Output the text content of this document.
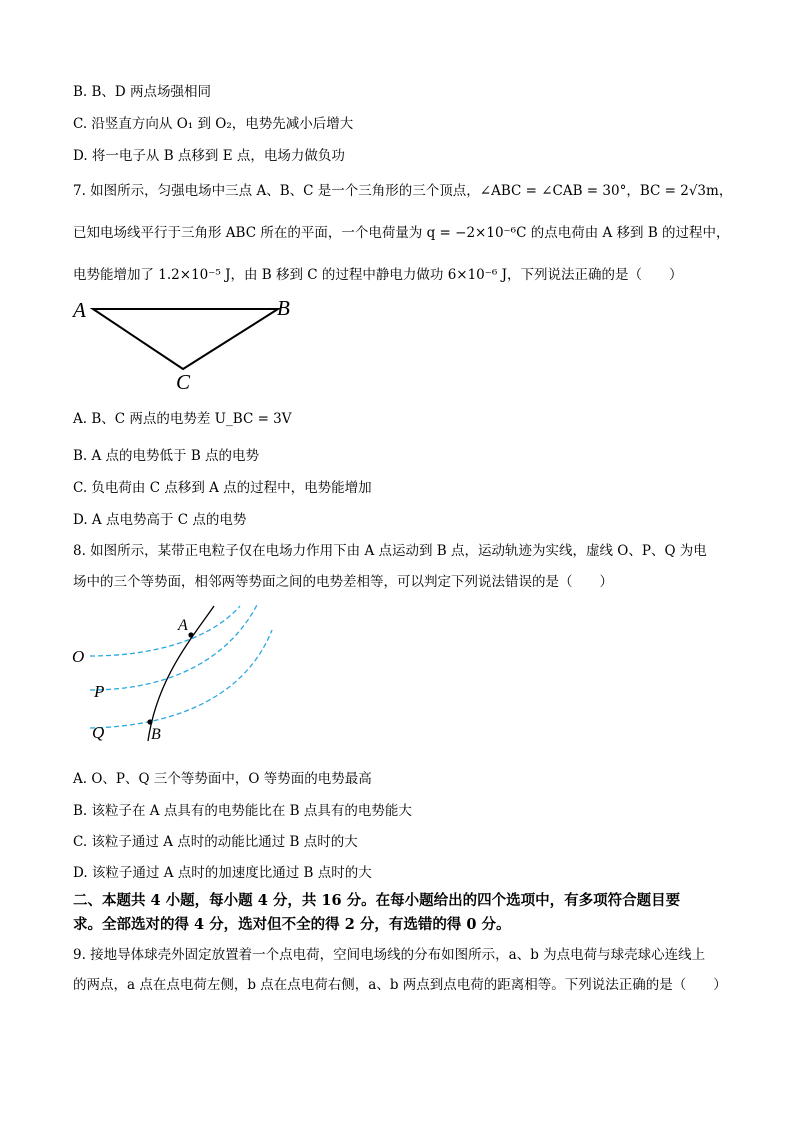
B. B、D 两点场强相同
C. 沿竖直方向从 O₁ 到 O₂，电势先减小后增大
D. 将一电子从 B 点移到 E 点，电场力做负功
7. 如图所示，匀强电场中三点 A、B、C 是一个三角形的三个顶点，∠ABC = ∠CAB = 30°，BC = 2√3m，
已知电场线平行于三角形 ABC 所在的平面，一个电荷量为 q = −2×10⁻⁶C 的点电荷由 A 移到 B 的过程中，
电势能增加了 1.2×10⁻⁵ J，由 B 移到 C 的过程中静电力做功 6×10⁻⁶ J，下列说法正确的是（　　）
A	B
C
A. B、C 两点的电势差 U_BC = 3V
B. A 点的电势低于 B 点的电势
C. 负电荷由 C 点移到 A 点的过程中，电势能增加
D. A 点电势高于 C 点的电势
8. 如图所示，某带正电粒子仅在电场力作用下由 A 点运动到 B 点，运动轨迹为实线，虚线 O、P、Q 为电
场中的三个等势面，相邻两等势面之间的电势差相等，可以判定下列说法错误的是（　　）
A
B
O
P
Q
A. O、P、Q 三个等势面中，O 等势面的电势最高
B. 该粒子在 A 点具有的电势能比在 B 点具有的电势能大
C. 该粒子通过 A 点时的动能比通过 B 点时的大
D. 该粒子通过 A 点时的加速度比通过 B 点时的大
二、本题共 4 小题，每小题 4 分，共 16 分。在每小题给出的四个选项中，有多项符合题目要
求。全部选对的得 4 分，选对但不全的得 2 分，有选错的得 0 分。
9. 接地导体球壳外固定放置着一个点电荷，空间电场线的分布如图所示，a、b 为点电荷与球壳球心连线上
的两点，a 点在点电荷左侧，b 点在点电荷右侧，a、b 两点到点电荷的距离相等。下列说法正确的是（　　）
